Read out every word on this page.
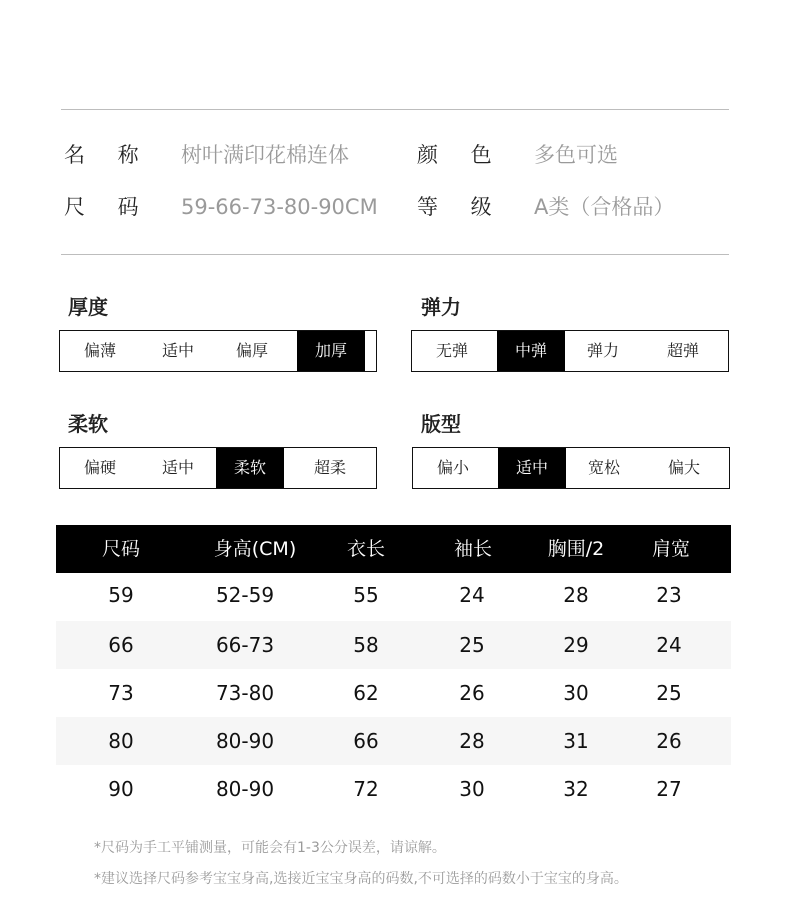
名 称 树叶满印花棉连体	颜 色 多色可选
尺 码 59-66-73-80-90CM 等 级 A类（合格品）
厚度
偏薄	适中	偏厚	加厚
弹力
无弹	中弹	弹力	超弹
柔软
偏硬	适中	柔软	超柔
版型
偏小	适中	宽松	偏大
尺码	身高(CM)	衣长	袖长	胸围/2	肩宽
59	52-59	55	24	28	23
66	66-73	58	25	29	24
73	73-80	62	26	30	25
80	80-90	66	28	31	26
90	80-90	72	30	32	27
*尺码为手工平铺测量，可能会有1-3公分误差，请谅解。
*建议选择尺码参考宝宝身高,选接近宝宝身高的码数,不可选择的码数小于宝宝的身高。
